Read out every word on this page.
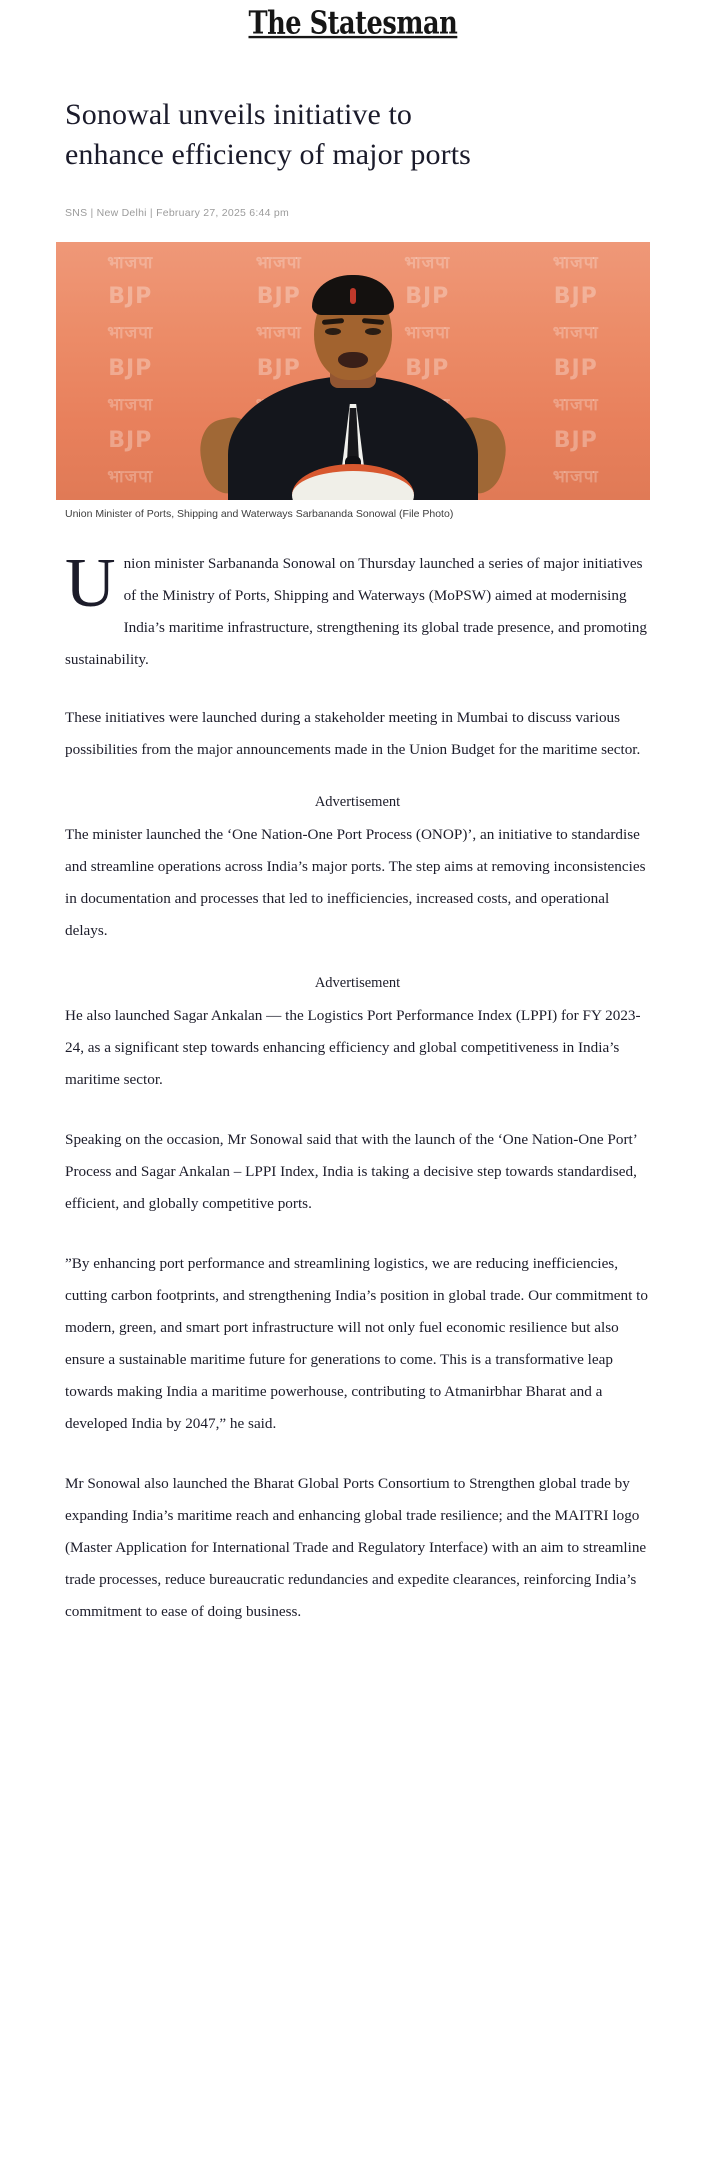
The Statesman
Sonowal unveils initiative to enhance efficiency of major ports
SNS | New Delhi | February 27, 2025 6:44 pm
भाजपा	भाजपा	भाजपा	भाजपा
BJP	BJP	BJP	BJP
भाजपा	भाजपा	भाजपा	भाजपा
BJP	BJP	BJP	BJP
भाजपा	भाजपा
BJP	BJP
भाजपा	भाजपा
Union Minister of Ports, Shipping and Waterways Sarbananda Sonowal (File Photo)

Union minister Sarbananda Sonowal on Thursday launched a series of major initiatives of the Ministry of Ports, Shipping and Waterways (MoPSW) aimed at modernising India’s maritime infrastructure, strengthening its global trade presence, and promoting sustainability.

These initiatives were launched during a stakeholder meeting in Mumbai to discuss various possibilities from the major announcements made in the Union Budget for the maritime sector.

Advertisement

The minister launched the ‘One Nation-One Port Process (ONOP)’, an initiative to standardise and streamline operations across India’s major ports. The step aims at removing inconsistencies in documentation and processes that led to inefficiencies, increased costs, and operational delays.

Advertisement

He also launched Sagar Ankalan — the Logistics Port Performance Index (LPPI) for FY 2023-24, as a significant step towards enhancing efficiency and global competitiveness in India’s maritime sector.

Speaking on the occasion, Mr Sonowal said that with the launch of the ‘One Nation-One Port’ Process and Sagar Ankalan – LPPI Index, India is taking a decisive step towards standardised, efficient, and globally competitive ports.

”By enhancing port performance and streamlining logistics, we are reducing inefficiencies, cutting carbon footprints, and strengthening India’s position in global trade. Our commitment to modern, green, and smart port infrastructure will not only fuel economic resilience but also ensure a sustainable maritime future for generations to come. This is a transformative leap towards making India a maritime powerhouse, contributing to Atmanirbhar Bharat and a developed India by 2047,” he said.

Mr Sonowal also launched the Bharat Global Ports Consortium to Strengthen global trade by expanding India’s maritime reach and enhancing global trade resilience; and the MAITRI logo (Master Application for International Trade and Regulatory Interface) with an aim to streamline trade processes, reduce bureaucratic redundancies and expedite clearances, reinforcing India’s commitment to ease of doing business.
